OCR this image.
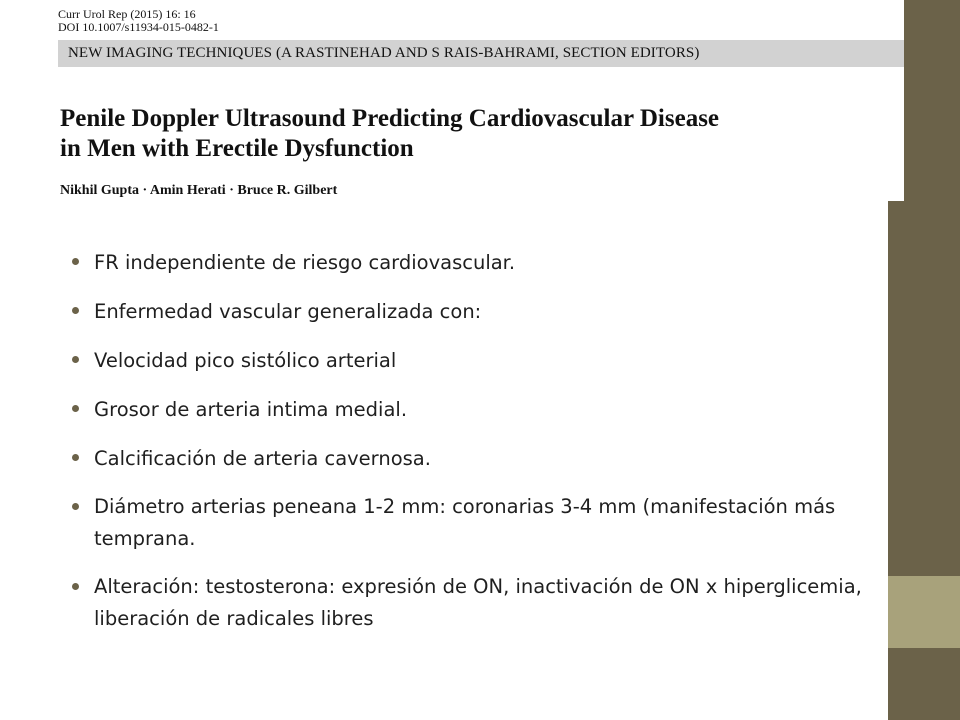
Curr Urol Rep (2015) 16: 16
DOI 10.1007/s11934-015-0482-1
NEW IMAGING TECHNIQUES (A RASTINEHAD AND S RAIS-BAHRAMI, SECTION EDITORS)
Penile Doppler Ultrasound Predicting Cardiovascular Disease
in Men with Erectile Dysfunction
Nikhil Gupta · Amin Herati · Bruce R. Gilbert
FR independiente de riesgo cardiovascular.
Enfermedad vascular generalizada con:
Velocidad pico sistólico arterial
Grosor de arteria intima medial.
Calcificación de arteria cavernosa.
Diámetro arterias peneana 1-2 mm: coronarias 3-4 mm (manifestación más temprana.
Alteración: testosterona: expresión de ON, inactivación de ON x hiperglicemia, liberación de radicales libres
